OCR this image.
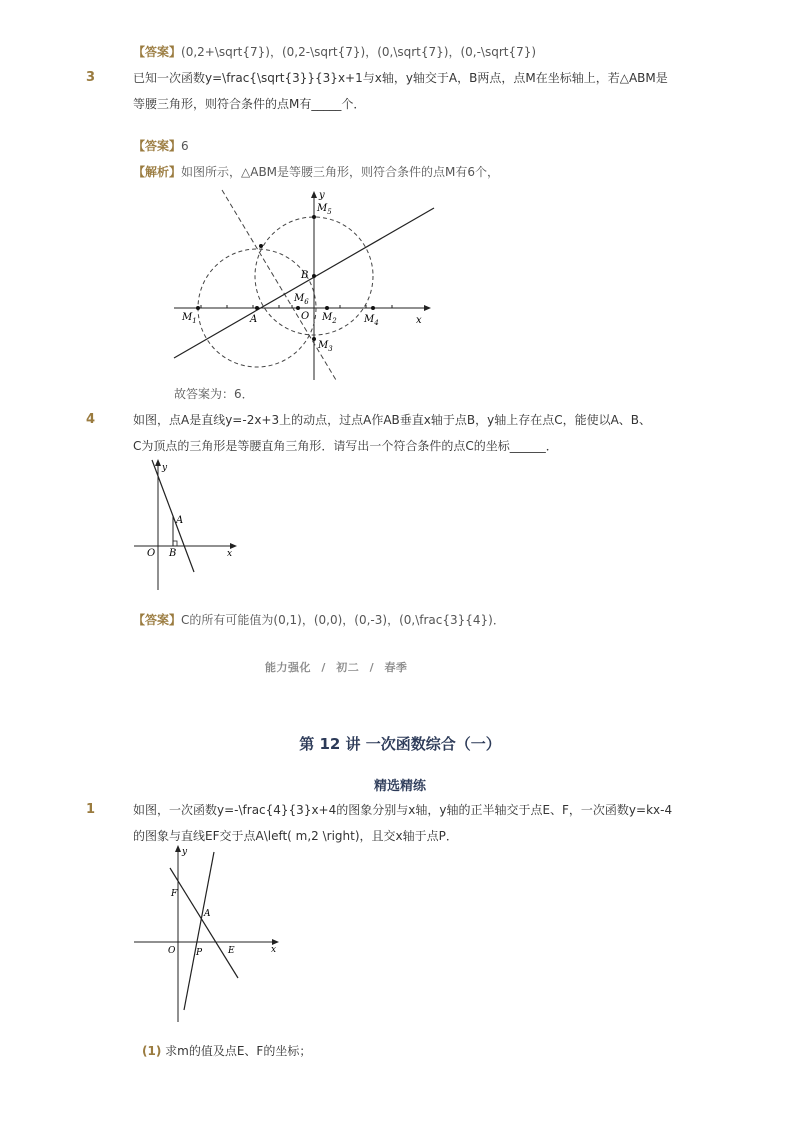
【答案】(0,2+\sqrt{7})，(0,2-\sqrt{7})，(0,\sqrt{7})，(0,-\sqrt{7})
3	已知一次函数y=\frac{\sqrt{3}}{3}x+1与x轴，y轴交于A，B两点，点M在坐标轴上，若△ABM是
等腰三角形，则符合条件的点M有_____个．
【答案】6
【解析】如图所示，△ABM是等腰三角形，则符合条件的点M有6个，
y
x
$M_5$
B
$M_6$
$M_1$	A	O $M_2$	$M_4$
$M_3$
故答案为：6．
4	如图，点A是直线y=-2x+3上的动点，过点A作AB垂直x轴于点B，y轴上存在点C，能使以A、B、
C为顶点的三角形是等腰直角三角形．请写出一个符合条件的点C的坐标______．
y
x
A
O B
【答案】C的所有可能值为(0,1)，(0,0)，(0,-3)，(0,\frac{3}{4})．
能力强化 / 初二 / 春季
第 12 讲 一次函数综合（一）
精选精练
1	如图，一次函数y=-\frac{4}{3}x+4的图象分别与x轴，y轴的正半轴交于点E、F，一次函数y=kx-4
的图象与直线EF交于点A\left( m,2 \right)，且交x轴于点P．
y
x
F
A
O P	E
(1) 求m的值及点E、F的坐标；
